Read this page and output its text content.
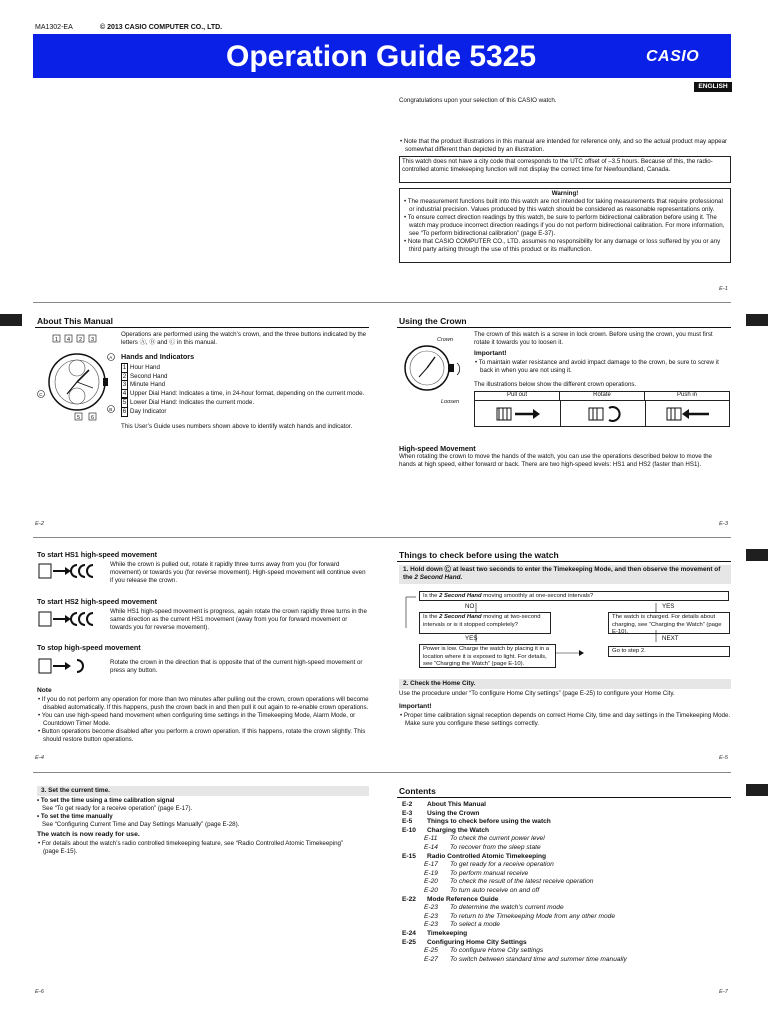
MA1302-EA	© 2013 CASIO COMPUTER CO., LTD.
Operation Guide 5325	CASIO
ENGLISH
Congratulations upon your selection of this CASIO watch.
• Note that the product illustrations in this manual are intended for reference only, and so the actual product may appear somewhat different than depicted by an illustration.
This watch does not have a city code that corresponds to the UTC offset of –3.5 hours. Because of this, the radio-controlled atomic timekeeping function will not display the correct time for Newfoundland, Canada.
Warning!
• The measurement functions built into this watch are not intended for taking measurements that require professional or industrial precision. Values produced by this watch should be considered as reasonable representations only.
• To ensure correct direction readings by this watch, be sure to perform bidirectional calibration before using it. The watch may produce incorrect direction readings if you do not perform bidirectional calibration. For more information, see “To perform bidirectional calibration” (page E-37).
• Note that CASIO COMPUTER CO., LTD. assumes no responsibility for any damage or loss suffered by you or any third party arising through the use of this product or its malfunction.
E-1
About This Manual
1 4 2 3
5 6
A
B
C
Operations are performed using the watch’s crown, and the three buttons indicated by the letters Ⓐ, Ⓑ and Ⓒ in this manual.
Hands and Indicators
1 Hour Hand
2 Second Hand
3 Minute Hand
4 Upper Dial Hand: Indicates a time, in 24-hour format, depending on the current mode.
5 Lower Dial Hand: Indicates the current mode.
6 Day Indicator
This User’s Guide uses numbers shown above to identify watch hands and indicator.
E-2
Using the Crown
Crown
Loosen
The crown of this watch is a screw in lock crown. Before using the crown, you must first rotate it towards you to loosen it.
Important!
• To maintain water resistance and avoid impact damage to the crown, be sure to screw it back in when you are not using it.
The illustrations below show the different crown operations.
Pull out	Rotate	Push in
High-speed Movement
When rotating the crown to move the hands of the watch, you can use the operations described below to move the hands at high speed, either forward or back. There are two high-speed levels: HS1 and HS2 (faster than HS1).
E-3
To start HS1 high-speed movement
While the crown is pulled out, rotate it rapidly three turns away from you (for forward movement) or towards you (for reverse movement). High-speed movement will continue even if you release the crown.
To start HS2 high-speed movement
While HS1 high-speed movement is progress, again rotate the crown rapidly three turns in the same direction as the current HS1 movement (away from you for forward movement or towards you for reverse movement).
To stop high-speed movement
Rotate the crown in the direction that is opposite that of the current high-speed movement or press any button.
Note
• If you do not perform any operation for more than two minutes after pulling out the crown, crown operations will become disabled automatically. If this happens, push the crown back in and then pull it out again to re-enable crown operations.
• You can use high-speed hand movement when configuring time settings in the Timekeeping Mode, Alarm Mode, or Countdown Timer Mode.
• Button operations become disabled after you perform a crown operation. If this happens, rotate the crown slightly. This should restore button operations.
E-4
Things to check before using the watch
1. Hold down Ⓒ at least two seconds to enter the Timekeeping Mode, and then observe the movement of the 2 Second Hand.
Is the 2 Second Hand moving smoothly at one-second intervals?
NO	YES
Is the 2 Second Hand moving at two-second intervals or is it stopped completely?
The watch is charged. For details about charging, see “Charging the Watch” (page E-10).
YES	NEXT
Power is low. Charge the watch by placing it in a location where it is exposed to light. For details, see “Charging the Watch” (page E-10).
Go to step 2.
2. Check the Home City.
Use the procedure under “To configure Home City settings” (page E-25) to configure your Home City.
Important!
• Proper time calibration signal reception depends on correct Home City, time and day settings in the Timekeeping Mode. Make sure you configure these settings correctly.
E-5
3. Set the current time.
• To set the time using a time calibration signal
See “To get ready for a receive operation” (page E-17).
• To set the time manually
See “Configuring Current Time and Day Settings Manually” (page E-28).
The watch is now ready for use.
• For details about the watch’s radio controlled timekeeping feature, see “Radio Controlled Atomic Timekeeping” (page E-15).
E-6
Contents
E-2 About This Manual
E-3 Using the Crown
E-5 Things to check before using the watch
E-10 Charging the Watch
E-11 To check the current power level
E-14 To recover from the sleep state
E-15 Radio Controlled Atomic Timekeeping
E-17 To get ready for a receive operation
E-19 To perform manual receive
E-20 To check the result of the latest receive operation
E-20 To turn auto receive on and off
E-22 Mode Reference Guide
E-23 To determine the watch’s current mode
E-23 To return to the Timekeeping Mode from any other mode
E-23 To select a mode
E-24 Timekeeping
E-25 Configuring Home City Settings
E-25 To configure Home City settings
E-27 To switch between standard time and summer time manually
E-7
